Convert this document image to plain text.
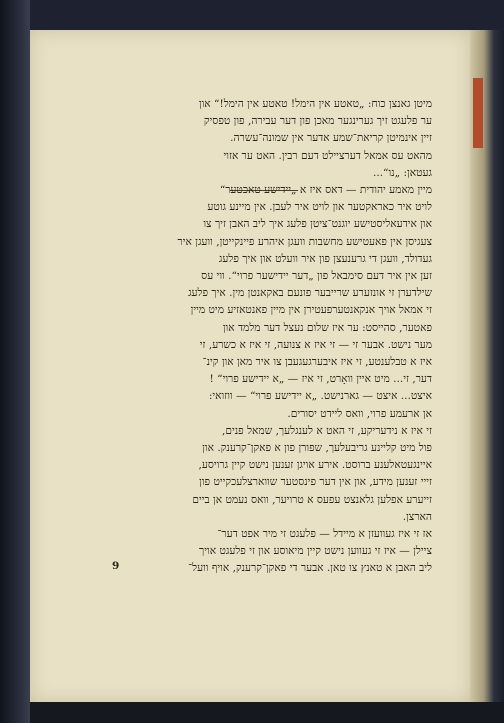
מיטן גאנצן כוח: „טאטע אין הימל! טאטע אין הימל!“ און
ער פלעגט זיך גערינגער מאכן פון דער עבירה, פון טפסיק
זיין אינמיטן קריאת־שמע אדער אין שמונה־עשרה.
מהאט עס אמאל דערציילט דעם רבין. האט ער אזוי
געטאן: „נו“...
מיין מאמע יהודית — דאס איז א „יידישע טאכטער“
לויט איר כאראקטער און לויט איר לעבן. אין מיינע גוטע
און אידעאליסטישע יוגנט־ציטן פלעג איך ליב האבן זיך צו
צעגיסן אין פאעטישע מחשבות וועגן איהרע פיינקייטן, וועגן איר
געדולד, וועגן די גרענעצן פון איר וועלט און איך פלעג
זען אין איר דעם סימבאל פון „דער יידישער פרוי“. ווי עס
שילדערן זי אונזערע שרייבער פונעם באקאנטן מין. איך פלעג
זי אמאל אויך אנקאנטערפעטירן אין מיין פאנטאזיע מיט מיין
פאטער, סהייסט: ער איז שלום נעצל דער מלמד און
מער נישט. אבער זי — זי איז א צנועה, זי איז א כשרע, זי
איז א טבלענטע, זי איז איבערגעגעבן צו איר מאן און קינ־
דער, זי... מיט איין וואָרט, זי איז — „א יידישע פרוי“ !
איצט... איצט — גארנישט. „א יידישע פרוי“ — ווזואי:
אן ארעמע פרוי, וואס ליידט יסורים.
זי איז א נידעריקע, זי האט א לענגלעך, שמאל פנים,
פול מיט קליינע גריבעלעך, שפורן פון א פאקן־קרענק. און
איינגעטאלענע ברוסט. אירע אויגן זענען נישט קיין גרויסע,
זייי זענען מידע, און אין דער פינסטער שווארצלעכקייט פון
זייערע אפלען גלאנצט עפעס א טרויער, וואס נעמט אן ביים
הארצן.
אז זי איז געוועזן א מיידל — פלעגט זי מיר אפט דער־
ציילן — איז זי געווען נישט קיין מיאוסע און זי פלעגט אויך
ליב האבן א טאנץ צו טאן. אבער די פאקן־קרענק, אויף וועל־
9
